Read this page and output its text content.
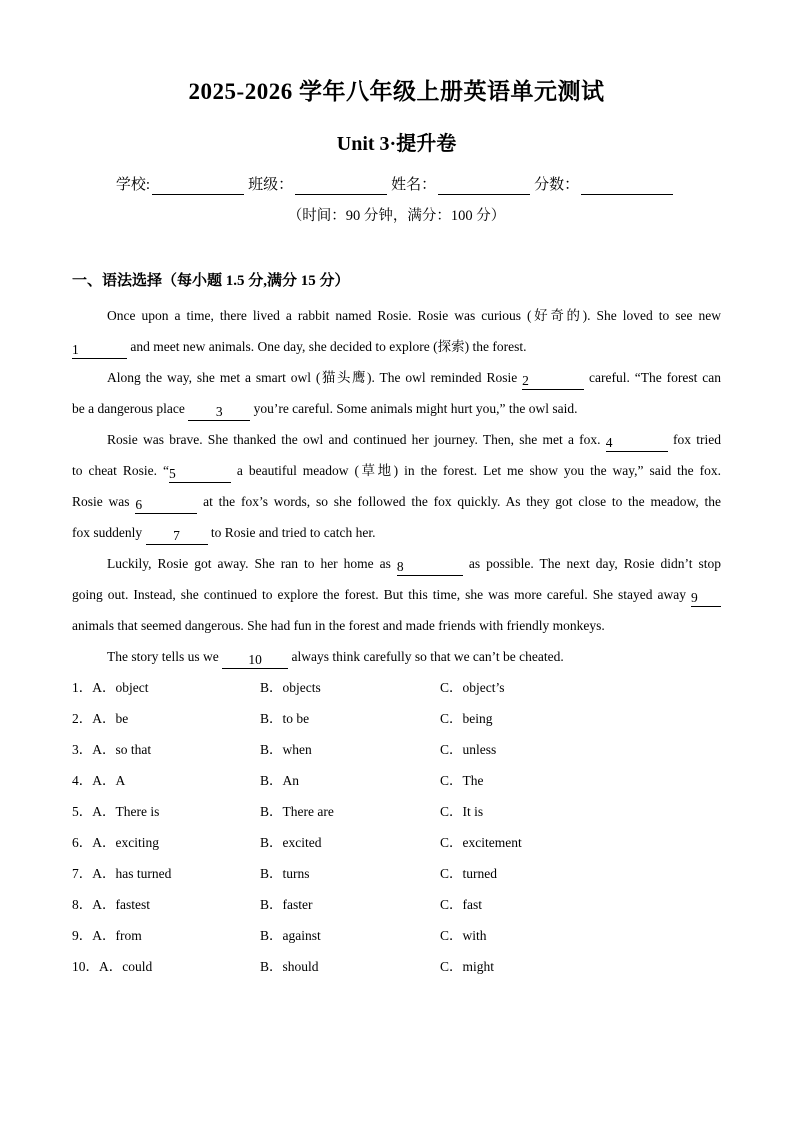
2025-2026 学年八年级上册英语单元测试
Unit 3·提升卷
学校:	班级：	姓名：	分数：
（时间：90 分钟，满分：100 分）
一、语法选择（每小题 1.5 分,满分 15 分）
Once upon a time, there lived a rabbit named Rosie. Rosie was curious (好奇的). She loved to see new
1	and meet new animals. One day, she decided to explore (探索) the forest.
Along the way, she met a smart owl (猫头鹰). The owl reminded Rosie 2	careful. “The forest can
be a dangerous place 3 you’re careful. Some animals might hurt you,” the owl said.
Rosie was brave. She thanked the owl and continued her journey. Then, she met a fox. 4	fox tried
to cheat Rosie. “5	a beautiful meadow (草地) in the forest. Let me show you the way,” said the fox.
Rosie was 6	at the fox’s words, so she followed the fox quickly. As they got close to the meadow, the
fox suddenly 7 to Rosie and tried to catch her.
Luckily, Rosie got away. She ran to her home as 8	as possible. The next day, Rosie didn’t stop
going out. Instead, she continued to explore the forest. But this time, she was more careful. She stayed away 9
animals that seemed dangerous. She had fun in the forest and made friends with friendly monkeys.
The story tells us we 10 always think carefully so that we can’t be cheated.
1．A．object	B．objects	C．object’s
2．A．be	B．to be	C．being
3．A．so that	B．when	C．unless
4．A．A	B．An	C．The
5．A．There is	B．There are	C．It is
6．A．exciting	B．excited	C．excitement
7．A．has turned	B．turns	C．turned
8．A．fastest	B．faster	C．fast
9．A．from	B．against	C．with
10．A．could	B．should	C．might
